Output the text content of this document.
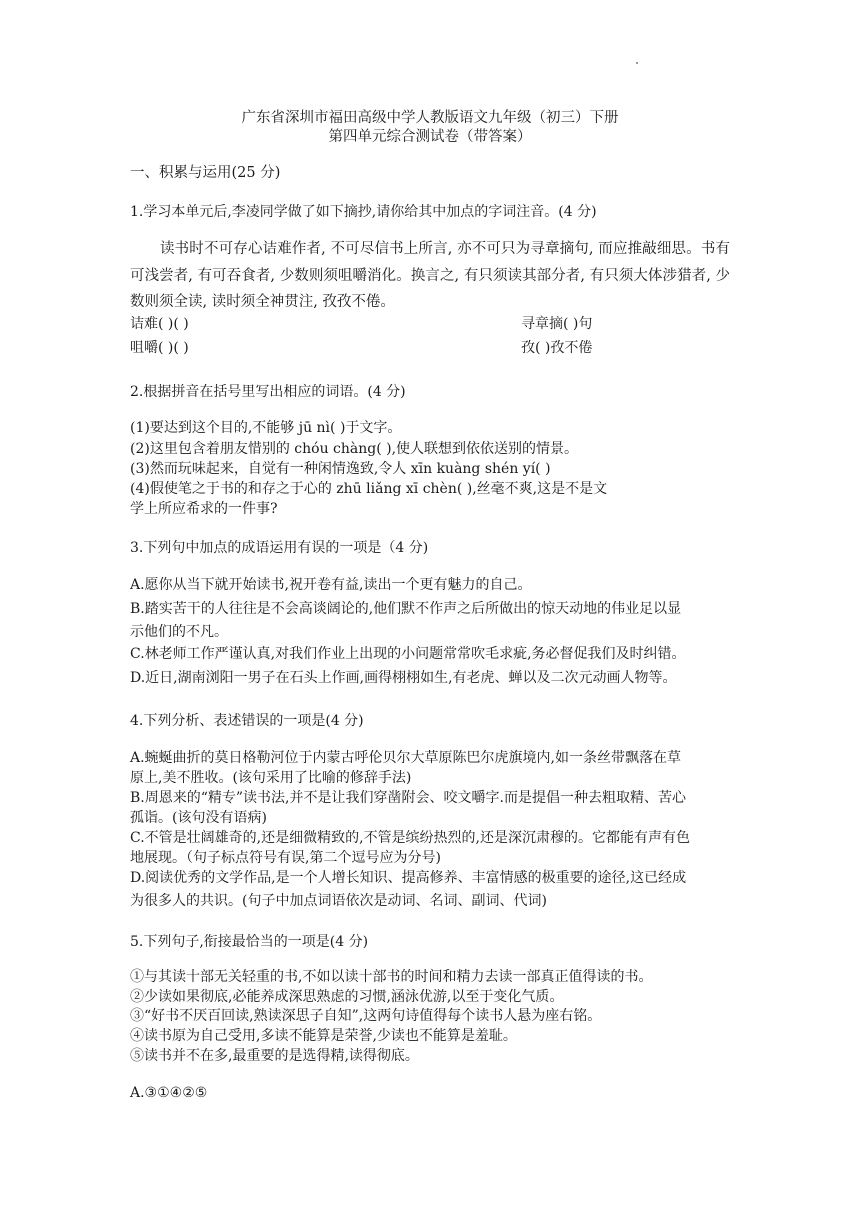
广东省深圳市福田高级中学人教版语文九年级（初三）下册
第四单元综合测试卷（带答案）
一、积累与运用(25 分)
1.学习本单元后,李凌同学做了如下摘抄,请你给其中加点的字词注音。(4 分)
读书时不可存心诘难作者, 不可尽信书上所言, 亦不可只为寻章摘句, 而应推敲细思。书有可浅尝者, 有可吞食者, 少数则须咀嚼消化。换言之, 有只须读其部分者, 有只须大体涉猎者, 少数则须全读, 读时须全神贯注, 孜孜不倦。
诘难( )( )	寻章摘( )句
咀嚼( )( )	孜( )孜不倦
2.根据拼音在括号里写出相应的词语。(4 分)
(1)要达到这个目的,不能够 jū nì( )于文字。
(2)这里包含着朋友惜别的 chóu chàng( ),使人联想到依依送别的情景。
(3)然而玩味起来，自觉有一种闲情逸致,令人 xīn kuàng shén yí( )
(4)假使笔之于书的和存之于心的 zhū liǎng xī chèn( ),丝毫不爽,这是不是文
学上所应希求的一件事?
3.下列句中加点的成语运用有误的一项是（4 分)
A.愿你从当下就开始读书,祝开卷有益,读出一个更有魅力的自己。
B.踏实苦干的人往往是不会高谈阔论的,他们默不作声之后所做出的惊天动地的伟业足以显
示他们的不凡。
C.林老师工作严谨认真,对我们作业上出现的小问题常常吹毛求疵,务必督促我们及时纠错。
D.近日,湖南浏阳一男子在石头上作画,画得栩栩如生,有老虎、蝉以及二次元动画人物等。
4.下列分析、表述错误的一项是(4 分)
A.蜿蜒曲折的莫日格勒河位于内蒙古呼伦贝尔大草原陈巴尔虎旗境内,如一条丝带飘落在草
原上,美不胜收。(该句采用了比喻的修辞手法)
B.周恩来的“精专”读书法,并不是让我们穿凿附会、咬文嚼字.而是提倡一种去粗取精、苦心
孤诣。(该句没有语病)
C.不管是壮阔雄奇的,还是细微精致的,不管是缤纷热烈的,还是深沉肃穆的。它都能有声有色
地展现。（句子标点符号有误,第二个逗号应为分号)
D.阅读优秀的文学作品,是一个人增长知识、提高修养、丰富情感的极重要的途径,这已经成
为很多人的共识。(句子中加点词语依次是动词、名词、副词、代词)
5.下列句子,衔接最恰当的一项是(4 分)
①与其读十部无关轻重的书,不如以读十部书的时间和精力去读一部真正值得读的书。
②少读如果彻底,必能养成深思熟虑的习惯,涵泳优游,以至于变化气质。
③“好书不厌百回读,熟读深思子自知”,这两句诗值得每个读书人悬为座右铭。
④读书原为自己受用,多读不能算是荣誉,少读也不能算是羞耻。
⑤读书并不在多,最重要的是选得精,读得彻底。
A.③①④②⑤
